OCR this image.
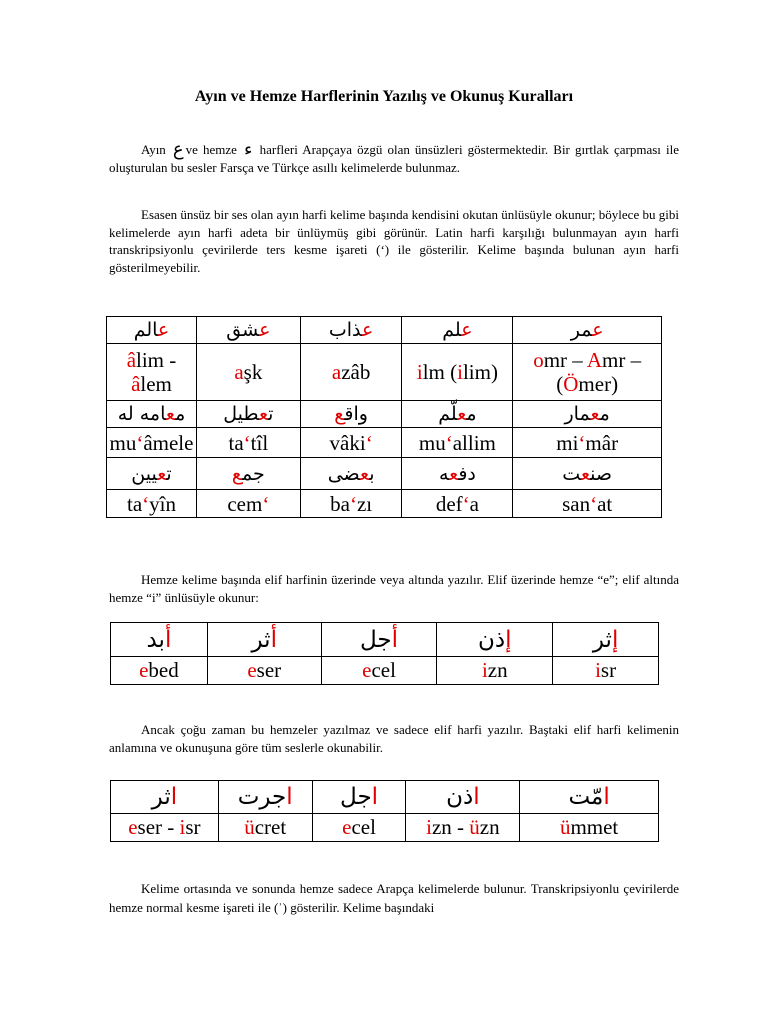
Ayın ve Hemze Harflerinin Yazılış ve Okunuş Kuralları
Ayın ع ve hemze ء harfleri Arapçaya özgü olan ünsüzleri göstermektedir. Bir gırtlak çarpması ile oluşturulan bu sesler Farsça ve Türkçe asıllı kelimelerde bulunmaz.
Esasen ünsüz bir ses olan ayın harfi kelime başında kendisini okutan ünlüsüyle okunur; böylece bu gibi kelimelerde ayın harfi adeta bir ünlüymüş gibi görünür. Latin harfi karşılığı bulunmayan ayın harfi transkripsiyonlu çevirilerde ters kesme işareti (‘) ile gösterilir. Kelime başında bulunan ayın harfi gösterilmeyebilir.
عالم	عشق	عذاب	علم	عمر
âlim - âlem	aşk	azâb	ilm (ilim)	omr – Amr – (Ömer)
معامه له	تعطيل	واقع	معلّم	معمار
mu‘âmele	ta‘tîl	vâki‘	mu‘allim	mi‘mâr
تعيين	جمع	بعضى	دفعه	صنعت
ta‘yîn	cem‘	ba‘zı	def‘a	san‘at
Hemze kelime başında elif harfinin üzerinde veya altında yazılır. Elif üzerinde hemze “e”; elif altında hemze “i” ünlüsüyle okunur:
أبد	أثر	أجل	إذن	إثر
ebed	eser	ecel	izn	isr
Ancak çoğu zaman bu hemzeler yazılmaz ve sadece elif harfi yazılır. Baştaki elif harfi kelimenin anlamına ve okunuşuna göre tüm seslerle okunabilir.
اثر	اجرت	اجل	اذن	امّت
eser - isr	ücret	ecel	izn - üzn	ümmet
Kelime ortasında ve sonunda hemze sadece Arapça kelimelerde bulunur. Transkripsiyonlu çevirilerde hemze normal kesme işareti ile (ʾ) gösterilir. Kelime başındaki
